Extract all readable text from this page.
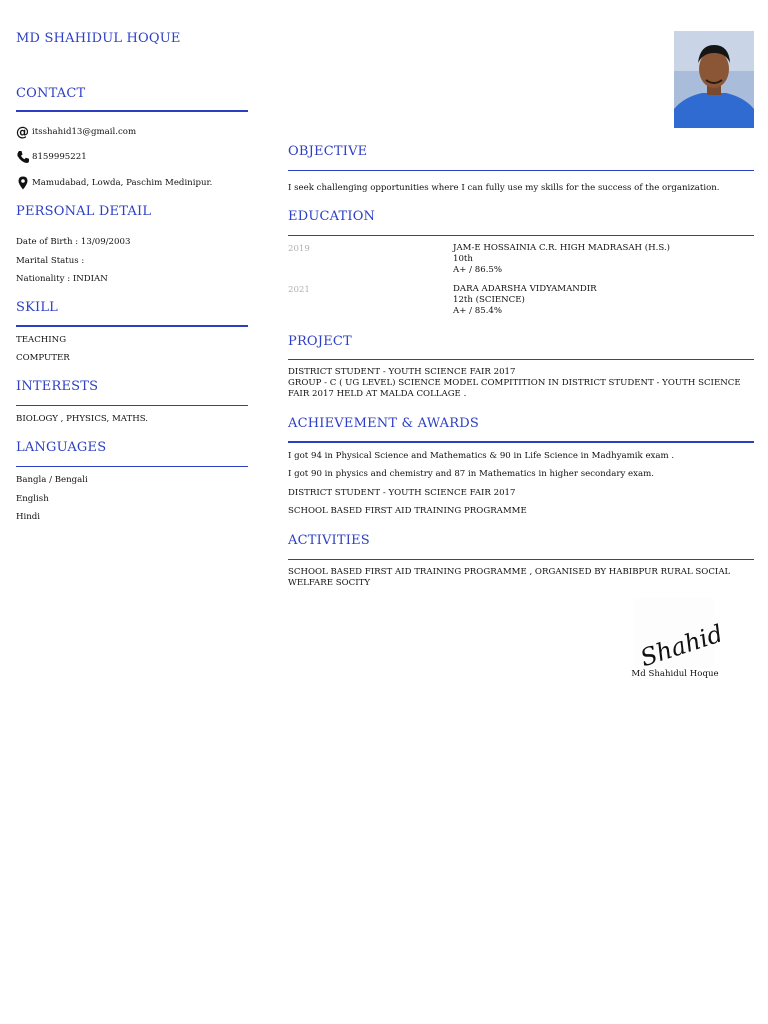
MD SHAHIDUL HOQUE
CONTACT
@ itsshahid13@gmail.com
8159995221
Mamudabad, Lowda, Paschim Medinipur.
PERSONAL DETAIL
Date of Birth : 13/09/2003
Marital Status :
Nationality : INDIAN
SKILL
TEACHING
COMPUTER
INTERESTS
BIOLOGY , PHYSICS, MATHS.
LANGUAGES
Bangla / Bengali
English
Hindi
OBJECTIVE
I seek challenging opportunities where I can fully use my skills for the success of the organization.
EDUCATION
2019	JAM-E HOSSAINIA C.R. HIGH MADRASAH (H.S.)
10th
A+ / 86.5%
2021	DARA ADARSHA VIDYAMANDIR
12th (SCIENCE)
A+ / 85.4%
PROJECT
DISTRICT STUDENT - YOUTH SCIENCE FAIR 2017
GROUP - C ( UG LEVEL) SCIENCE MODEL COMPITITION IN DISTRICT STUDENT - YOUTH SCIENCE FAIR 2017 HELD AT MALDA COLLAGE .
ACHIEVEMENT & AWARDS
I got 94 in Physical Science and Mathematics & 90 in Life Science in Madhyamik exam .
I got 90 in physics and chemistry and 87 in Mathematics in higher secondary exam.
DISTRICT STUDENT - YOUTH SCIENCE FAIR 2017
SCHOOL BASED FIRST AID TRAINING PROGRAMME
ACTIVITIES
SCHOOL BASED FIRST AID TRAINING PROGRAMME , ORGANISED BY HABIBPUR RURAL SOCIAL WELFARE SOCITY
Shahid
Md Shahidul Hoque
